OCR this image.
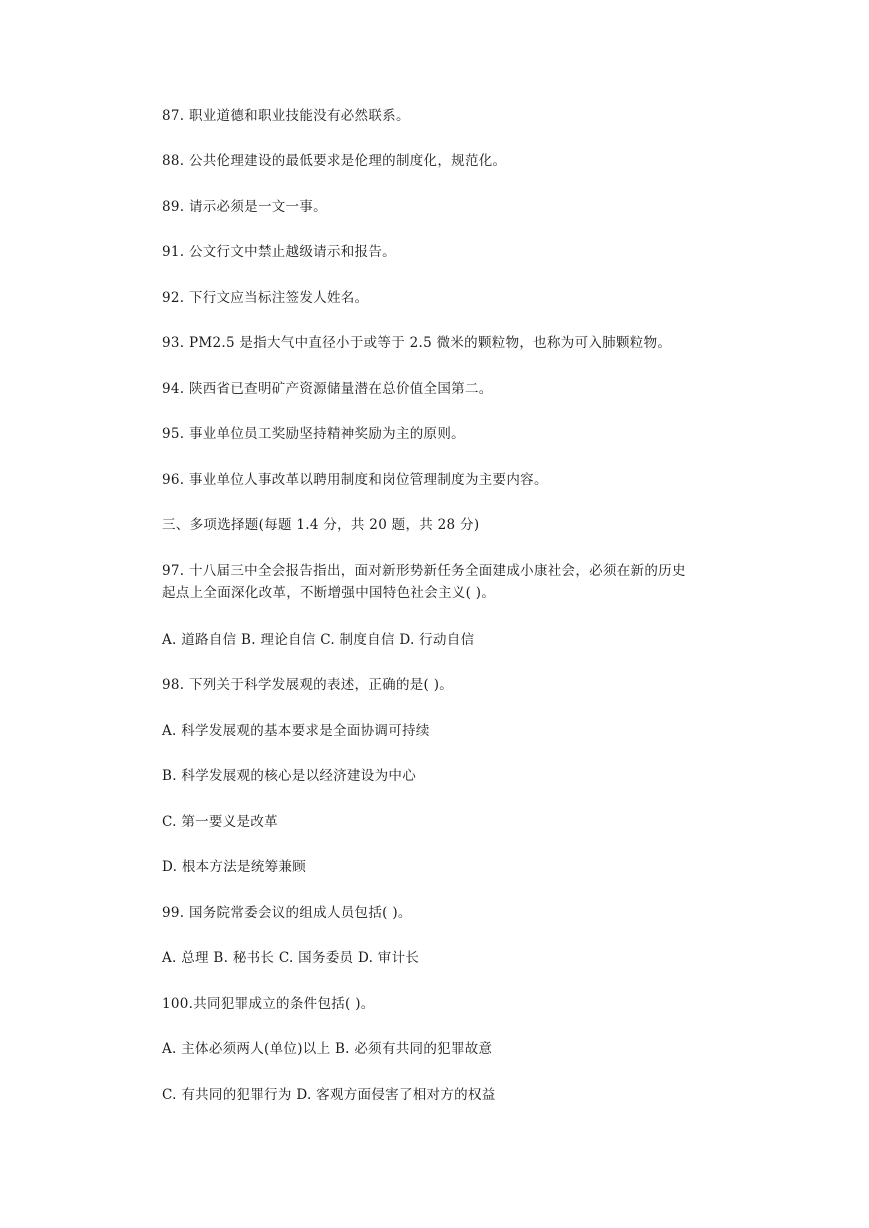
87. 职业道德和职业技能没有必然联系。
88. 公共伦理建设的最低要求是伦理的制度化，规范化。
89. 请示必须是一文一事。
91. 公文行文中禁止越级请示和报告。
92. 下行文应当标注签发人姓名。
93. PM2.5 是指大气中直径小于或等于 2.5 微米的颗粒物，也称为可入肺颗粒物。
94. 陕西省已查明矿产资源储量潜在总价值全国第二。
95. 事业单位员工奖励坚持精神奖励为主的原则。
96. 事业单位人事改革以聘用制度和岗位管理制度为主要内容。
三、多项选择题(每题 1.4 分，共 20 题，共 28 分)
97. 十八届三中全会报告指出，面对新形势新任务全面建成小康社会，必须在新的历史
起点上全面深化改革，不断增强中国特色社会主义( )。
A. 道路自信 B. 理论自信 C. 制度自信 D. 行动自信
98. 下列关于科学发展观的表述，正确的是( )。
A. 科学发展观的基本要求是全面协调可持续
B. 科学发展观的核心是以经济建设为中心
C. 第一要义是改革
D. 根本方法是统筹兼顾
99. 国务院常委会议的组成人员包括( )。
A. 总理 B. 秘书长 C. 国务委员 D. 审计长
100.共同犯罪成立的条件包括( )。
A. 主体必须两人(单位)以上 B. 必须有共同的犯罪故意
C. 有共同的犯罪行为 D. 客观方面侵害了相对方的权益
